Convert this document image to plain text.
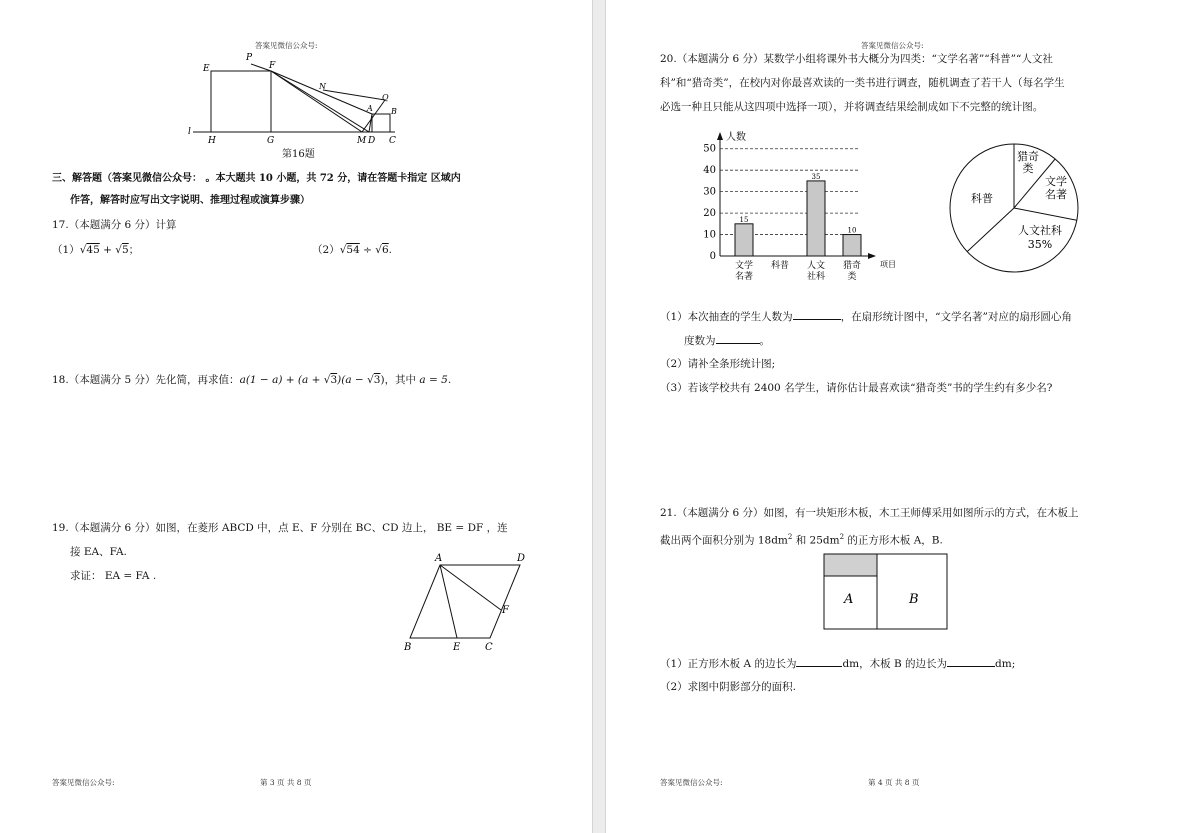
答案见微信公众号:
E
P
F
N
Q
A B
l
H	G	M D C
第16题
三、解答题（答案见微信公众号： 。本大题共 10 小题，共 72 分，请在答题卡指定 区域内
作答，解答时应写出文字说明、推理过程或演算步骤）
17.（本题满分 6 分）计算
（1）√45 + √5；	（2）√54 ÷ √6.
18.（本题满分 5 分）先化简，再求值：a(1 − a) + (a + √3)(a − √3)，其中 a = 5.
19.（本题满分 6 分）如图，在菱形 ABCD 中，点 E、F 分别在 BC、CD 边上， BE = DF ，连
接 EA、FA.
求证： EA = FA .
A	D
F
B	E C
答案见微信公众号:	第 3 页 共 8 页
答案见微信公众号:
20.（本题满分 6 分）某数学小组将课外书大概分为四类：“文学名著”“科普”“人文社
科”和“猎奇类”，在校内对你最喜欢读的一类书进行调查，随机调查了若干人（每名学生
必选一种且只能从这四项中选择一项），并将调查结果绘制成如下不完整的统计图。
人数
项目
0
10
20
30
40
50
15
文学
名著
科普
35
人文
社科
10
猎奇
类
猎奇
类
文学
名著
人文社科
35%
科普
（1）本次抽查的学生人数为	，在扇形统计图中，“文学名著”对应的扇形圆心角
度数为	。
（2）请补全条形统计图;
（3）若该学校共有 2400 名学生，请你估计最喜欢读“猎奇类”书的学生约有多少名?
21.（本题满分 6 分）如图，有一块矩形木板，木工王师傅采用如图所示的方式，在木板上
截出两个面积分别为 $18dm^2$ 和 $25dm^2$ 的正方形木板 A，B.
A	B
（1）正方形木板 A 的边长为	dm，木板 B 的边长为	dm;
（2）求图中阴影部分的面积.
答案见微信公众号:	第 4 页 共 8 页
